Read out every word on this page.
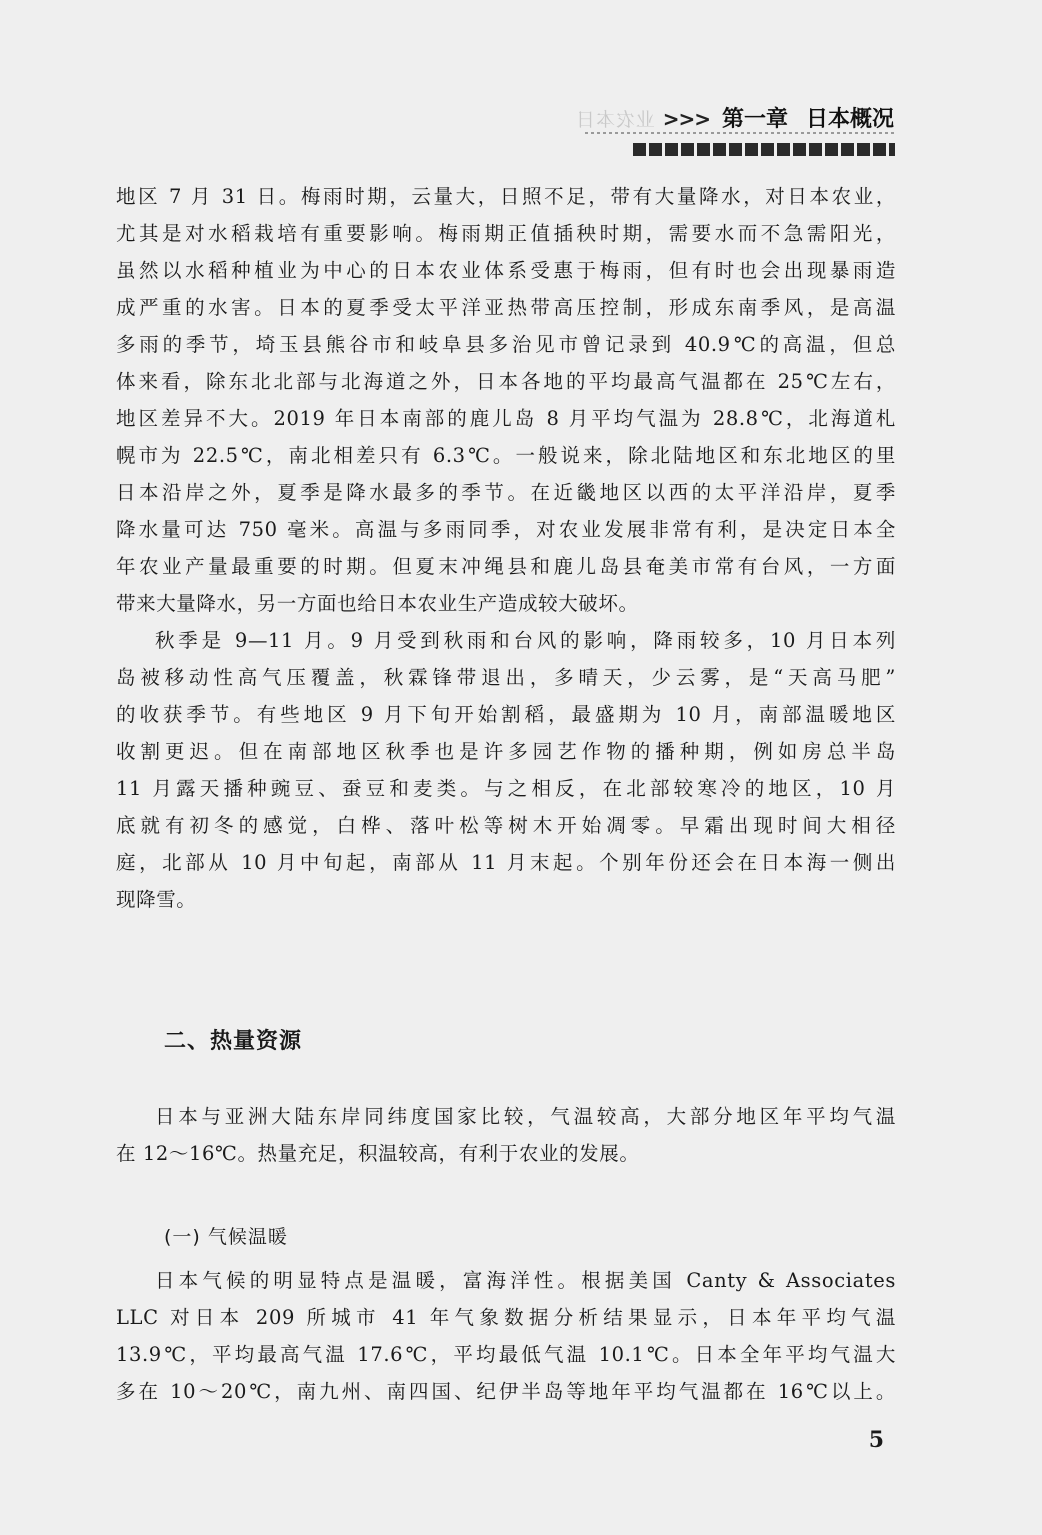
业农本日 >>> 第一章 日本概况

地区 7 月 31 日。梅雨时期，云量大，日照不足，带有大量降水，对日本农业，
尤其是对水稻栽培有重要影响。梅雨期正值插秧时期，需要水而不急需阳光，
虽然以水稻种植业为中心的日本农业体系受惠于梅雨，但有时也会出现暴雨造
成严重的水害。日本的夏季受太平洋亚热带高压控制，形成东南季风，是高温
多雨的季节，埼玉县熊谷市和岐阜县多治见市曾记录到 40.9℃的高温，但总
体来看，除东北北部与北海道之外，日本各地的平均最高气温都在 25℃左右，
地区差异不大。2019 年日本南部的鹿儿岛 8 月平均气温为 28.8℃，北海道札
幌市为 22.5℃，南北相差只有 6.3℃。一般说来，除北陆地区和东北地区的里
日本沿岸之外，夏季是降水最多的季节。在近畿地区以西的太平洋沿岸，夏季
降水量可达 750 毫米。高温与多雨同季，对农业发展非常有利，是决定日本全
年农业产量最重要的时期。但夏末冲绳县和鹿儿岛县奄美市常有台风，一方面
带来大量降水，另一方面也给日本农业生产造成较大破坏。

秋季是 9—11 月。9 月受到秋雨和台风的影响，降雨较多，10 月日本列
岛被移动性高气压覆盖，秋霖锋带退出，多晴天，少云雾，是“天高马肥”
的收获季节。有些地区 9 月下旬开始割稻，最盛期为 10 月，南部温暖地区
收割更迟。但在南部地区秋季也是许多园艺作物的播种期，例如房总半岛
11 月露天播种豌豆、蚕豆和麦类。与之相反，在北部较寒冷的地区，10 月
底就有初冬的感觉，白桦、落叶松等树木开始凋零。早霜出现时间大相径
庭，北部从 10 月中旬起，南部从 11 月末起。个别年份还会在日本海一侧出
现降雪。

二、热量资源

日本与亚洲大陆东岸同纬度国家比较，气温较高，大部分地区年平均气温
在 12～16℃。热量充足，积温较高，有利于农业的发展。

(一) 气候温暖

日本气候的明显特点是温暖，富海洋性。根据美国 Canty & Associates
LLC 对日本 209 所城市 41 年气象数据分析结果显示，日本年平均气温
13.9℃，平均最高气温 17.6℃，平均最低气温 10.1℃。日本全年平均气温大
多在 10～20℃，南九州、南四国、纪伊半岛等地年平均气温都在 16℃以上。

5
